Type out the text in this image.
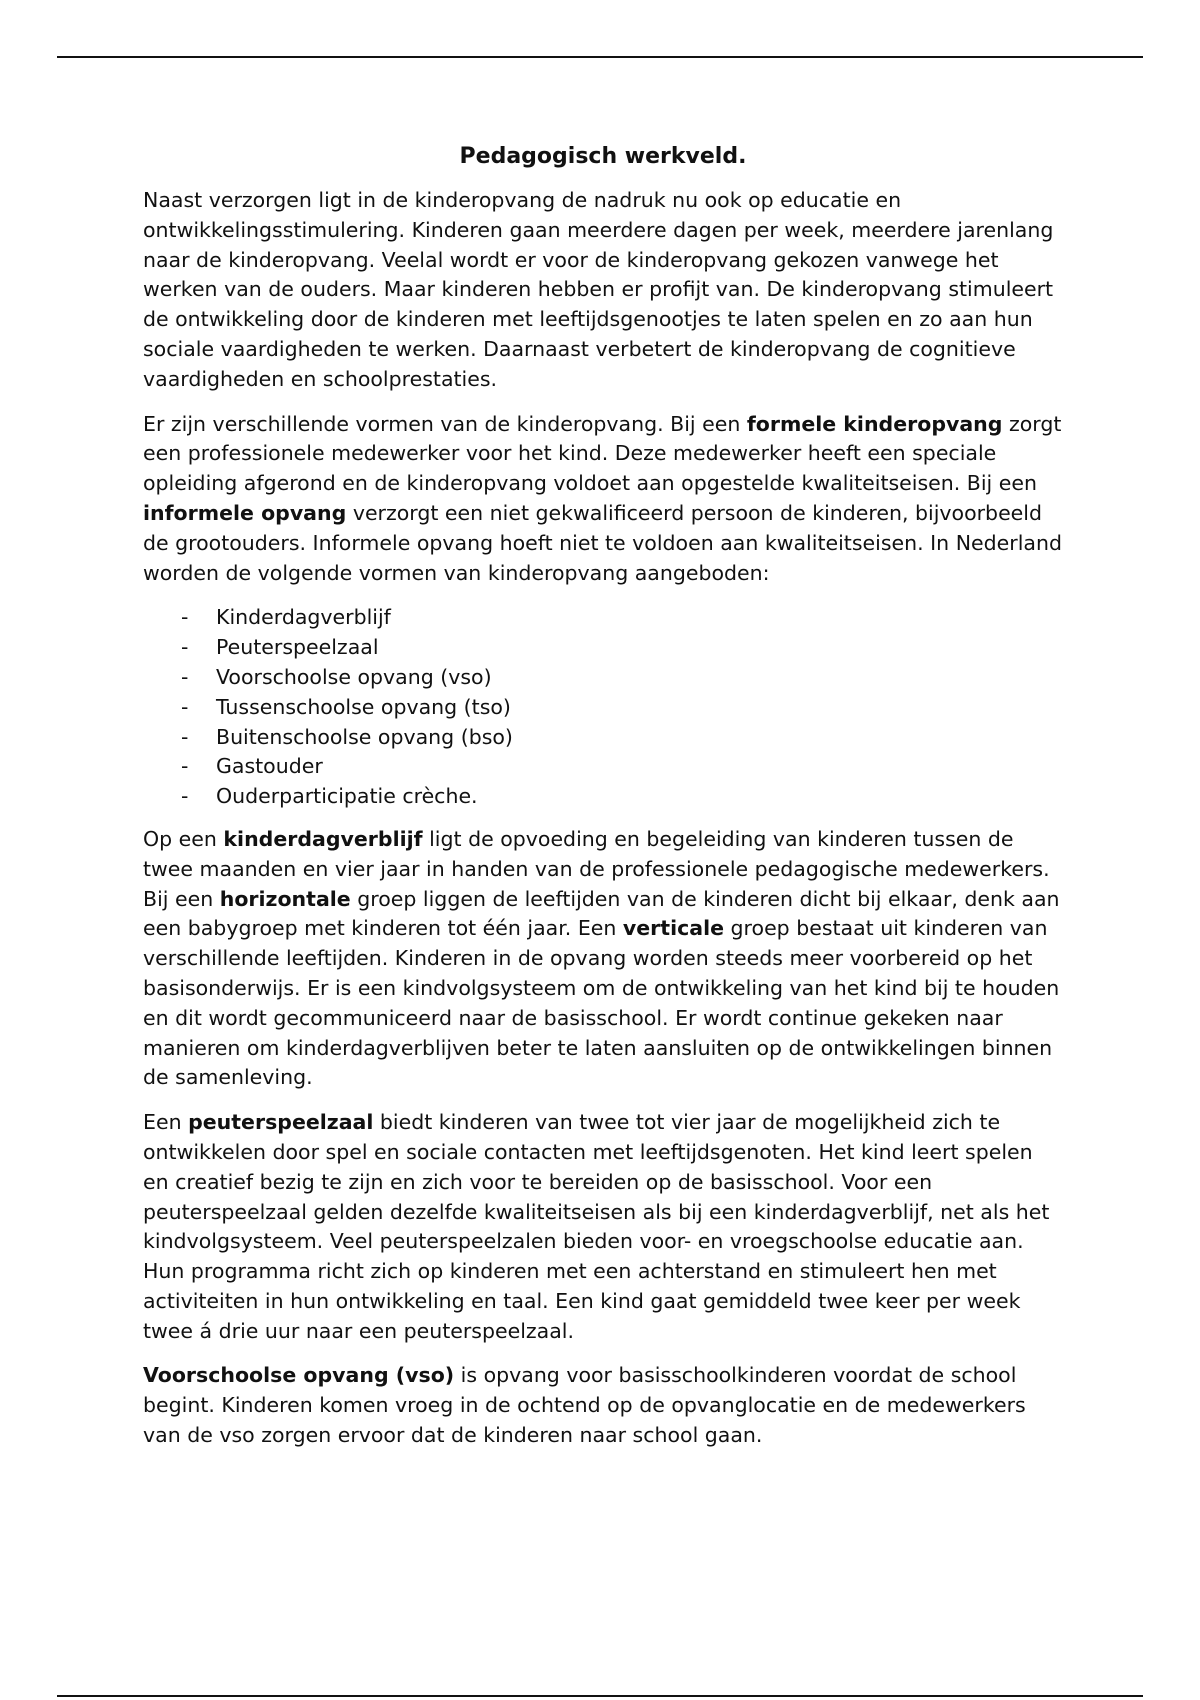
Pedagogisch werkveld.

Naast verzorgen ligt in de kinderopvang de nadruk nu ook op educatie en ontwikkelingsstimulering. Kinderen gaan meerdere dagen per week, meerdere jarenlang naar de kinderopvang. Veelal wordt er voor de kinderopvang gekozen vanwege het werken van de ouders. Maar kinderen hebben er profijt van. De kinderopvang stimuleert de ontwikkeling door de kinderen met leeftijdsgenootjes te laten spelen en zo aan hun sociale vaardigheden te werken. Daarnaast verbetert de kinderopvang de cognitieve vaardigheden en schoolprestaties.

Er zijn verschillende vormen van de kinderopvang. Bij een formele kinderopvang zorgt een professionele medewerker voor het kind. Deze medewerker heeft een speciale opleiding afgerond en de kinderopvang voldoet aan opgestelde kwaliteitseisen. Bij een informele opvang verzorgt een niet gekwalificeerd persoon de kinderen, bijvoorbeeld de grootouders. Informele opvang hoeft niet te voldoen aan kwaliteitseisen. In Nederland worden de volgende vormen van kinderopvang aangeboden:

- Kinderdagverblijf
- Peuterspeelzaal
- Voorschoolse opvang (vso)
- Tussenschoolse opvang (tso)
- Buitenschoolse opvang (bso)
- Gastouder
- Ouderparticipatie crèche.

Op een kinderdagverblijf ligt de opvoeding en begeleiding van kinderen tussen de twee maanden en vier jaar in handen van de professionele pedagogische medewerkers. Bij een horizontale groep liggen de leeftijden van de kinderen dicht bij elkaar, denk aan een babygroep met kinderen tot één jaar. Een verticale groep bestaat uit kinderen van verschillende leeftijden. Kinderen in de opvang worden steeds meer voorbereid op het basisonderwijs. Er is een kindvolgsysteem om de ontwikkeling van het kind bij te houden en dit wordt gecommuniceerd naar de basisschool. Er wordt continue gekeken naar manieren om kinderdagverblijven beter te laten aansluiten op de ontwikkelingen binnen de samenleving.

Een peuterspeelzaal biedt kinderen van twee tot vier jaar de mogelijkheid zich te ontwikkelen door spel en sociale contacten met leeftijdsgenoten. Het kind leert spelen en creatief bezig te zijn en zich voor te bereiden op de basisschool. Voor een peuterspeelzaal gelden dezelfde kwaliteitseisen als bij een kinderdagverblijf, net als het kindvolgsysteem. Veel peuterspeelzalen bieden voor- en vroegschoolse educatie aan. Hun programma richt zich op kinderen met een achterstand en stimuleert hen met activiteiten in hun ontwikkeling en taal. Een kind gaat gemiddeld twee keer per week twee á drie uur naar een peuterspeelzaal.

Voorschoolse opvang (vso) is opvang voor basisschoolkinderen voordat de school begint. Kinderen komen vroeg in de ochtend op de opvanglocatie en de medewerkers van de vso zorgen ervoor dat de kinderen naar school gaan.
